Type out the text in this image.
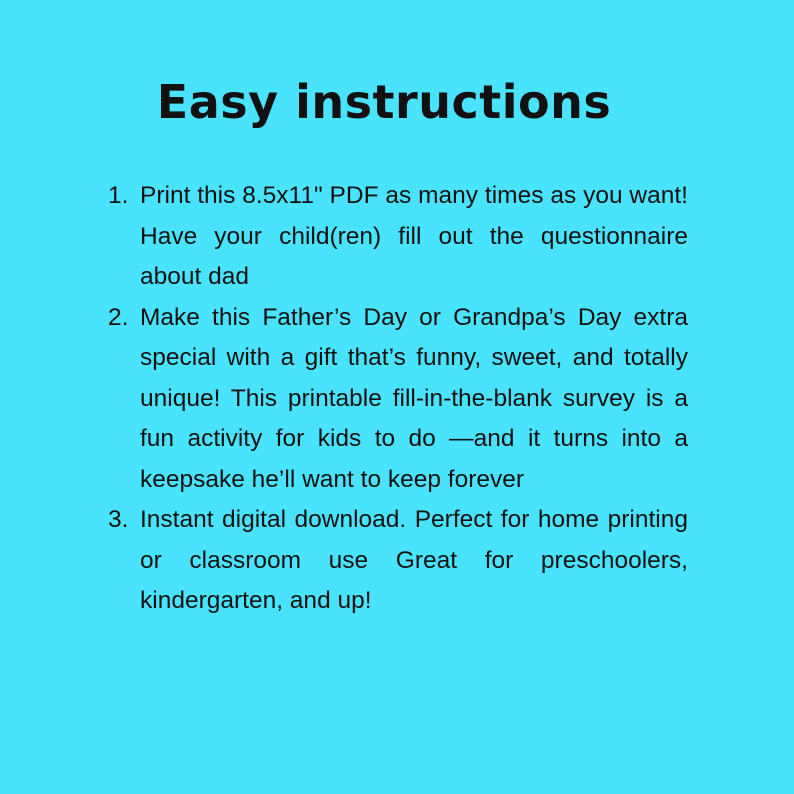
Easy instructions
1. Print this 8.5x11" PDF as many times as you want! Have your child(ren) fill out the questionnaire about dad
2. Make this Father’s Day or Grandpa’s Day extra special with a gift that’s funny, sweet, and totally unique! This printable fill-in-the-blank survey is a fun activity for kids to do —and it turns into a keepsake he’ll want to keep forever
3. Instant digital download. Perfect for home printing or classroom use Great for preschoolers, kindergarten, and up!
